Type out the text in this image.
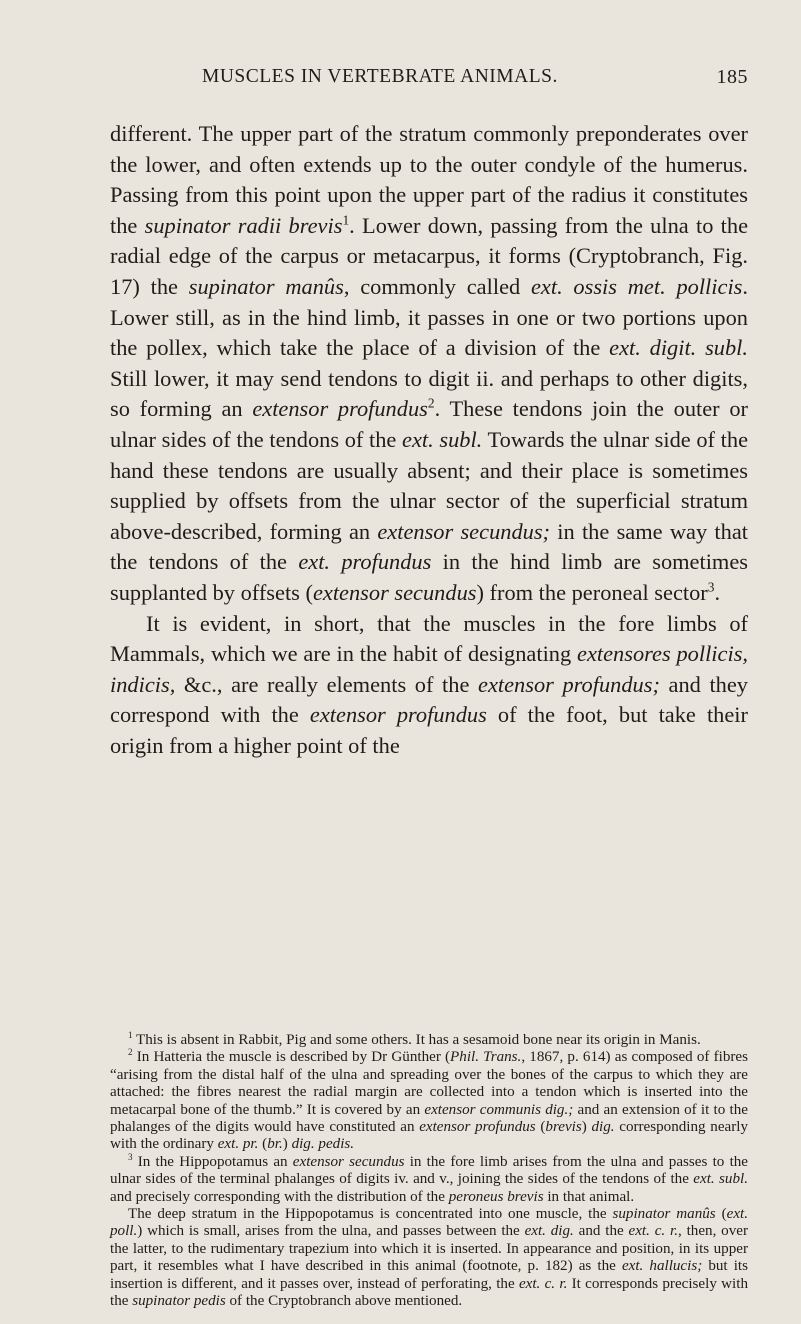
MUSCLES IN VERTEBRATE ANIMALS.	185

different. The upper part of the stratum commonly preponderates over the lower, and often extends up to the outer condyle of the humerus. Passing from this point upon the upper part of the radius it constitutes the supinator radii brevis$^1$. Lower down, passing from the ulna to the radial edge of the carpus or metacarpus, it forms (Cryptobranch, Fig. 17) the supinator manûs, commonly called ext. ossis met. pollicis. Lower still, as in the hind limb, it passes in one or two portions upon the pollex, which take the place of a division of the ext. digit. subl. Still lower, it may send tendons to digit ii. and perhaps to other digits, so forming an extensor profundus$^2$. These tendons join the outer or ulnar sides of the tendons of the ext. subl. Towards the ulnar side of the hand these tendons are usually absent; and their place is sometimes supplied by offsets from the ulnar sector of the superficial stratum above-described, forming an extensor secundus; in the same way that the tendons of the ext. profundus in the hind limb are sometimes supplanted by offsets (extensor secundus) from the peroneal sector$^3$.

It is evident, in short, that the muscles in the fore limbs of Mammals, which we are in the habit of designating extensores pollicis, indicis, &c., are really elements of the extensor profundus; and they correspond with the extensor profundus of the foot, but take their origin from a higher point of the

$^1$ This is absent in Rabbit, Pig and some others. It has a sesamoid bone near its origin in Manis.

$^2$ In Hatteria the muscle is described by Dr Günther (Phil. Trans., 1867, p. 614) as composed of fibres “arising from the distal half of the ulna and spreading over the bones of the carpus to which they are attached: the fibres nearest the radial margin are collected into a tendon which is inserted into the metacarpal bone of the thumb.” It is covered by an extensor communis dig.; and an extension of it to the phalanges of the digits would have constituted an extensor profundus (brevis) dig. corresponding nearly with the ordinary ext. pr. (br.) dig. pedis.

$^3$ In the Hippopotamus an extensor secundus in the fore limb arises from the ulna and passes to the ulnar sides of the terminal phalanges of digits iv. and v., joining the sides of the tendons of the ext. subl. and precisely corresponding with the distribution of the peroneus brevis in that animal.

The deep stratum in the Hippopotamus is concentrated into one muscle, the supinator manûs (ext. poll.) which is small, arises from the ulna, and passes between the ext. dig. and the ext. c. r., then, over the latter, to the rudimentary trapezium into which it is inserted. In appearance and position, in its upper part, it resembles what I have described in this animal (footnote, p. 182) as the ext. hallucis; but its insertion is different, and it passes over, instead of perforating, the ext. c. r. It corresponds precisely with the supinator pedis of the Cryptobranch above mentioned.
